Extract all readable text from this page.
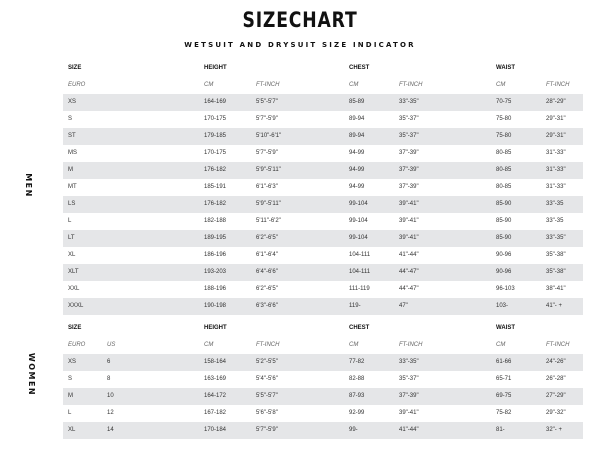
SIZECHART
WETSUIT AND DRYSUIT SIZE INDICATOR
MEN
WOMEN
SIZE	HEIGHT	CHEST	WAIST
EURO	CM	FT-INCH	CM	FT-INCH	CM	FT-INCH
XS	164-169	5'5"-5'7"	85-89	33"-35"	70-75	28"-29"
S	170-175	5'7"-5'9"	89-94	35"-37"	75-80	29"-31"
ST	179-185	5'10"-6'1"	89-94	35"-37"	75-80	29"-31"
MS	170-175	5'7"-5'9"	94-99	37"-39"	80-85	31"-33"
M	176-182	5'9"-5'11"	94-99	37"-39"	80-85	31"-33"
MT	185-191	6'1"-6'3"	94-99	37"-39"	80-85	31"-33"
LS	176-182	5'9"-5'11"	99-104	39"-41"	85-90	33"-35
L	182-188	5'11"-6'2"	99-104	39"-41"	85-90	33"-35
LT	189-195	6'2"-6'5"	99-104	39"-41"	85-90	33"-35"
XL	186-196	6'1"-6'4"	104-111	41"-44"	90-96	35"-38"
XLT	193-203	6'4"-6'6"	104-111	44"-47"	90-96	35"-38"
XXL	188-196	6'2"-6'5"	111-119	44"-47"	96-103	38"-41"
XXXL	190-198	6'3"-6'6"	119-	47"	103-	41"- +
SIZE	HEIGHT	CHEST	WAIST
EURO	US	CM	FT-INCH	CM	FT-INCH	CM	FT-INCH
XS	6	158-164	5'2"-5'5"	77-82	33"-35"	61-66	24"-26"
S	8	163-169	5'4"-5'6"	82-88	35"-37"	65-71	26"-28"
M	10	164-172	5'5"-5'7"	87-93	37"-39"	69-75	27"-29"
L	12	167-182	5'6"-5'8"	92-99	39"-41"	75-82	29"-32"
XL	14	170-184	5'7"-5'9"	99-	41"-44"	81-	32"- +
